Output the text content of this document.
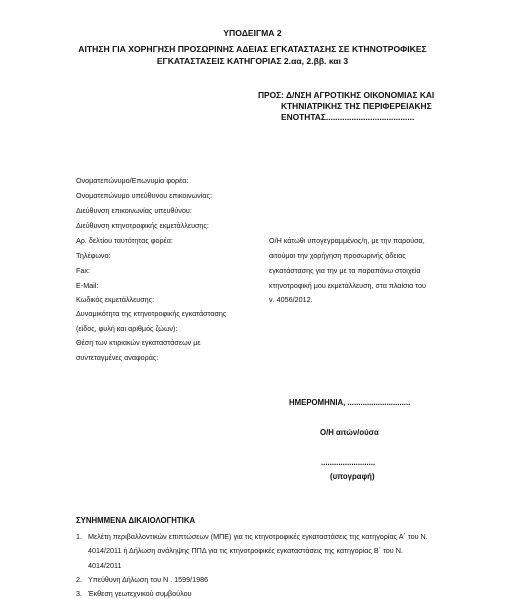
ΥΠΟΔΕΙΓΜΑ 2
ΑΙΤΗΣΗ ΓΙΑ ΧΟΡΗΓΗΣΗ ΠΡΟΣΩΡΙΝΗΣ ΑΔΕΙΑΣ ΕΓΚΑΤΑΣΤΑΣΗΣ ΣΕ ΚΤΗΝΟΤΡΟΦΙΚΕΣ
ΕΓΚΑΤΑΣΤΑΣΕΙΣ ΚΑΤΗΓΟΡΙΑΣ 2.αα, 2.ββ. και 3
ΠΡΟΣ: Δ/ΝΣΗ ΑΓΡΟΤΙΚΗΣ ΟΙΚΟΝΟΜΙΑΣ ΚΑΙ
ΚΤΗΝΙΑΤΡΙΚΗΣ ΤΗΣ ΠΕΡΙΦΕΡΕΙΑΚΗΣ
ΕΝΟΤΗΤΑΣ......................................
Ονοματεπώνυμο/Επωνυμία φορέα:
Ονοματεπώνυμο υπεύθυνου επικοινωνίας:
Διεύθυνση επικοινωνίας υπευθύνου:
Διεύθυνση κτηνοτροφικής εκμετάλλευσης:
Αρ. δελτίου ταυτότητας φορέα:
Τηλέφωνο:
Fax:
E-Mail:
Κωδικός εκμετάλλευσης:
Δυναμικότητα της κτηνοτροφικής εγκατάστασης
(είδος, φυλή και αριθμός ζώων):
Θέση των κτιριακών εγκαταστάσεων με
συντεταγμένες αναφοράς:
Ο/Η κάτωθι υπογεγραμμένος/η, με την παρούσα,
αιτούμαι την χορήγηση προσωρινής άδειας
εγκατάστασης για την με τα παραπάνω στοιχεία
κτηνοτροφική μου εκμετάλλευση, στα πλαίσια του
ν. 4056/2012.
ΗΜΕΡΟΜΗΝΙΑ, .............................
Ο/Η αιτών/ούσα
.........................
(υπογραφή)
ΣΥΝΗΜΜΕΝΑ ΔΙΚΑΙΟΛΟΓΗΤΙΚΑ
1. Μελέτη περιβαλλοντικών επιπτώσεων (ΜΠΕ) για τις κτηνοτροφικές εγκαταστάσεις της κατηγορίας Α΄ του Ν.
4014/2011 ή Δήλωση ανάληψης ΠΠΔ για τις κτηνοτροφικές εγκαταστάσεις της κατηγορίας Β΄ του Ν.
4014/2011
2. Υπεύθυνη Δήλωση του Ν . 1599/1986
3. Έκθεση γεωτεχνικού συμβούλου
